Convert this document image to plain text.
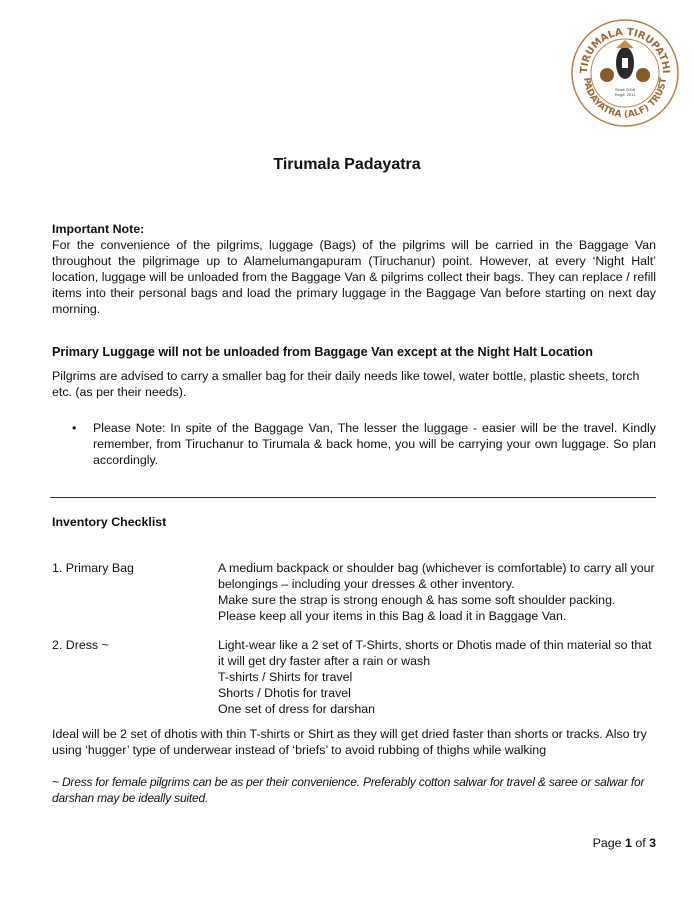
TIRUMALA TIRUPATHI
PADAYATRA (ALF) TRUST
Since 2008
Regd. 2011
Tirumala Padayatra
Important Note:
For the convenience of the pilgrims, luggage (Bags) of the pilgrims will be carried in the Baggage Van throughout the pilgrimage up to Alamelumangapuram (Tiruchanur) point. However, at every ‘Night Halt’ location, luggage will be unloaded from the Baggage Van & pilgrims collect their bags. They can replace / refill items into their personal bags and load the primary luggage in the Baggage Van before starting on next day morning.
Primary Luggage will not be unloaded from Baggage Van except at the Night Halt Location
Pilgrims are advised to carry a smaller bag for their daily needs like towel, water bottle, plastic sheets, torch etc. (as per their needs).
• Please Note: In spite of the Baggage Van, The lesser the luggage - easier will be the travel. Kindly remember, from Tiruchanur to Tirumala & back home, you will be carrying your own luggage. So plan accordingly.
Inventory Checklist
1. Primary Bag	A medium backpack or shoulder bag (whichever is comfortable) to carry all your belongings – including your dresses & other inventory.
Make sure the strap is strong enough & has some soft shoulder packing. Please keep all your items in this Bag & load it in Baggage Van.
2. Dress ~	Light-wear like a 2 set of T-Shirts, shorts or Dhotis made of thin material so that it will get dry faster after a rain or wash
T-shirts / Shirts for travel
Shorts / Dhotis for travel
One set of dress for darshan
Ideal will be 2 set of dhotis with thin T-shirts or Shirt as they will get dried faster than shorts or tracks. Also try using ‘hugger’ type of underwear instead of ‘briefs’ to avoid rubbing of thighs while walking
~ Dress for female pilgrims can be as per their convenience. Preferably cotton salwar for travel & saree or salwar for darshan may be ideally suited.
Page 1 of 3
